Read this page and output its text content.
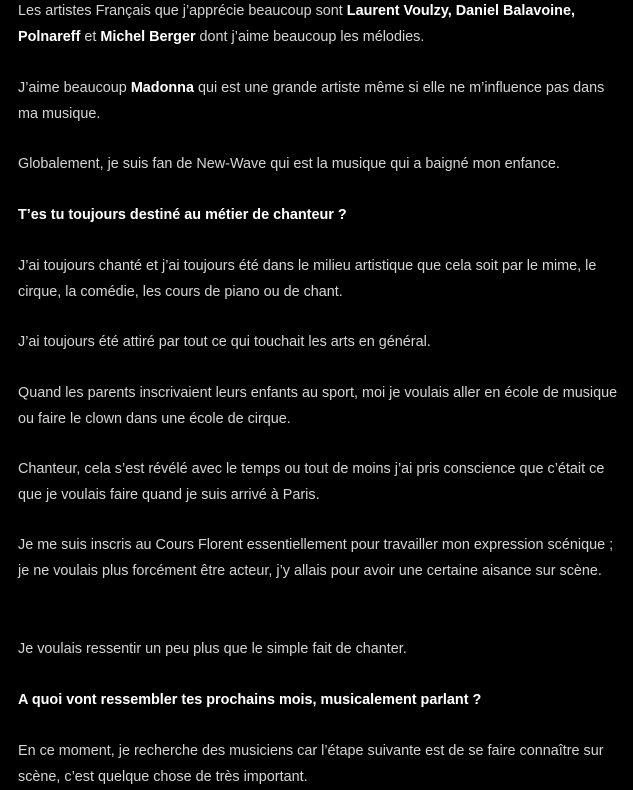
Les artistes Français que j’apprécie beaucoup sont Laurent Voulzy, Daniel Balavoine,
Polnareff et Michel Berger dont j’aime beaucoup les mélodies.

J’aime beaucoup Madonna qui est une grande artiste même si elle ne m’influence pas dans ma musique.

Globalement, je suis fan de New-Wave qui est la musique qui a baigné mon enfance.

T’es tu toujours destiné au métier de chanteur ?

J’ai toujours chanté et j’ai toujours été dans le milieu artistique que cela soit par le mime, le cirque, la comédie, les cours de piano ou de chant.

J’ai toujours été attiré par tout ce qui touchait les arts en général.

Quand les parents inscrivaient leurs enfants au sport, moi je voulais aller en école de musique ou faire le clown dans une école de cirque.

Chanteur, cela s’est révélé avec le temps ou tout de moins j’ai pris conscience que c’était ce que je voulais faire quand je suis arrivé à Paris.

Je me suis inscris au Cours Florent essentiellement pour travailler mon expression scénique ; je ne voulais plus forcément être acteur, j’y allais pour avoir une certaine aisance sur scène.

Je voulais ressentir un peu plus que le simple fait de chanter.

A quoi vont ressembler tes prochains mois, musicalement parlant ?

En ce moment, je recherche des musiciens car l’étape suivante est de se faire connaître sur scène, c’est quelque chose de très important.
